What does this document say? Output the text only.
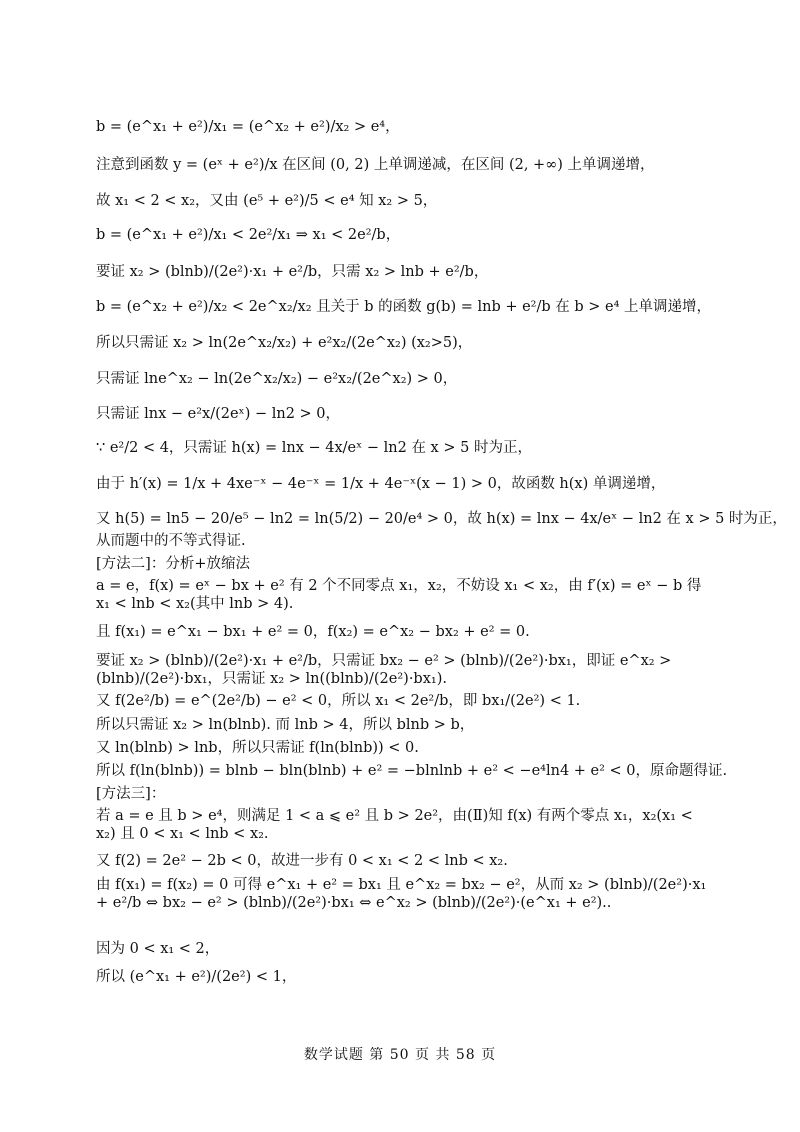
b = (e^x₁ + e²)/x₁ = (e^x₂ + e²)/x₂ > e⁴，
注意到函数 y = (eˣ + e²)/x 在区间 (0, 2) 上单调递减，在区间 (2, +∞) 上单调递增，
故 x₁ < 2 < x₂，又由 (e⁵ + e²)/5 < e⁴ 知 x₂ > 5，
b = (e^x₁ + e²)/x₁ < 2e²/x₁ ⇒ x₁ < 2e²/b，
要证 x₂ > (blnb)/(2e²)·x₁ + e²/b，只需 x₂ > lnb + e²/b，
b = (e^x₂ + e²)/x₂ < 2e^x₂/x₂ 且关于 b 的函数 g(b) = lnb + e²/b 在 b > e⁴ 上单调递增，
所以只需证 x₂ > ln(2e^x₂/x₂) + e²x₂/(2e^x₂) (x₂>5)，
只需证 lne^x₂ − ln(2e^x₂/x₂) − e²x₂/(2e^x₂) > 0，
只需证 lnx − e²x/(2eˣ) − ln2 > 0，
∵ e²/2 < 4，只需证 h(x) = lnx − 4x/eˣ − ln2 在 x > 5 时为正，
由于 h′(x) = 1/x + 4xe⁻ˣ − 4e⁻ˣ = 1/x + 4e⁻ˣ(x − 1) > 0，故函数 h(x) 单调递增，
又 h(5) = ln5 − 20/e⁵ − ln2 = ln(5/2) − 20/e⁴ > 0，故 h(x) = lnx − 4x/eˣ − ln2 在 x > 5 时为正，
从而题中的不等式得证.
[方法二]：分析+放缩法
a = e，f(x) = eˣ − bx + e² 有 2 个不同零点 x₁，x₂，不妨设 x₁ < x₂，由 f′(x) = eˣ − b 得 x₁ < lnb < x₂(其中 lnb > 4).
且 f(x₁) = e^x₁ − bx₁ + e² = 0，f(x₂) = e^x₂ − bx₂ + e² = 0.
要证 x₂ > (blnb)/(2e²)·x₁ + e²/b，只需证 bx₂ − e² > (blnb)/(2e²)·bx₁，即证 e^x₂ > (blnb)/(2e²)·bx₁，只需证 x₂ > ln((blnb)/(2e²)·bx₁).
又 f(2e²/b) = e^(2e²/b) − e² < 0，所以 x₁ < 2e²/b，即 bx₁/(2e²) < 1.
所以只需证 x₂ > ln(blnb). 而 lnb > 4，所以 blnb > b，
又 ln(blnb) > lnb，所以只需证 f(ln(blnb)) < 0.
所以 f(ln(blnb)) = blnb − bln(blnb) + e² = −blnlnb + e² < −e⁴ln4 + e² < 0，原命题得证.
[方法三]：
若 a = e 且 b > e⁴，则满足 1 < a ⩽ e² 且 b > 2e²，由(Ⅱ)知 f(x) 有两个零点 x₁，x₂(x₁ < x₂) 且 0 < x₁ < lnb < x₂.
又 f(2) = 2e² − 2b < 0，故进一步有 0 < x₁ < 2 < lnb < x₂.
由 f(x₁) = f(x₂) = 0 可得 e^x₁ + e² = bx₁ 且 e^x₂ = bx₂ − e²，从而 x₂ > (blnb)/(2e²)·x₁ + e²/b ⇔ bx₂ − e² > (blnb)/(2e²)·bx₁ ⇔ e^x₂ > (blnb)/(2e²)·(e^x₁ + e²)..
因为 0 < x₁ < 2，
所以 (e^x₁ + e²)/(2e²) < 1，
数学试题 第 50 页 共 58 页
